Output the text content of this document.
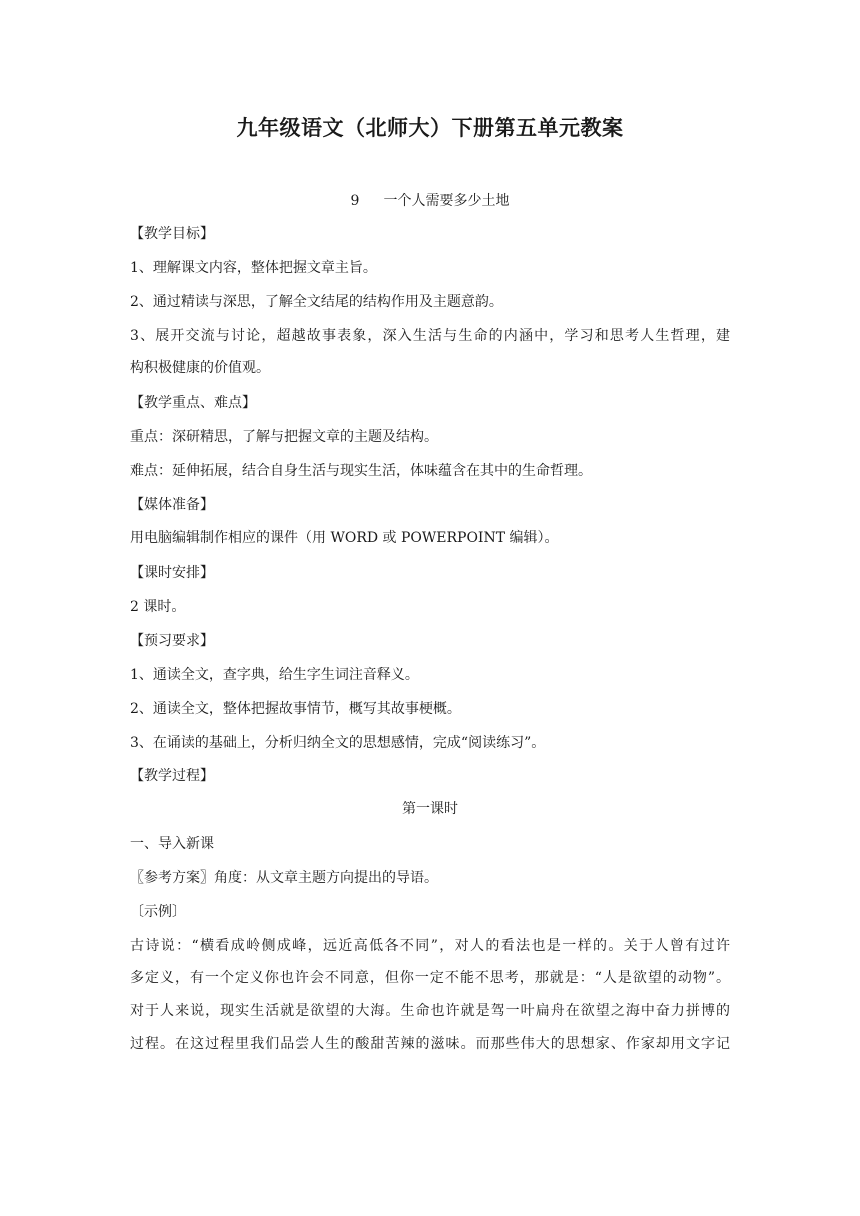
九年级语文（北师大）下册第五单元教案

9 一个人需要多少土地

【教学目标】

1、理解课文内容，整体把握文章主旨。

2、通过精读与深思，了解全文结尾的结构作用及主题意韵。

3、展开交流与讨论，超越故事表象，深入生活与生命的内涵中，学习和思考人生哲理，建

构积极健康的价值观。

【教学重点、难点】

重点：深研精思，了解与把握文章的主题及结构。

难点：延伸拓展，结合自身生活与现实生活，体味蕴含在其中的生命哲理。

【媒体准备】

用电脑编辑制作相应的课件（用 WORD 或 POWERPOINT 编辑）。

【课时安排】

2 课时。

【预习要求】

1、通读全文，查字典，给生字生词注音释义。

2、通读全文，整体把握故事情节，概写其故事梗概。

3、在诵读的基础上，分析归纳全文的思想感情，完成“阅读练习”。

【教学过程】

第一课时

一、导入新课

〖参考方案〗角度：从文章主题方向提出的导语。

〔示例〕

古诗说：“横看成岭侧成峰，远近高低各不同”，对人的看法也是一样的。关于人曾有过许

多定义，有一个定义你也许会不同意，但你一定不能不思考，那就是：“人是欲望的动物”。

对于人来说，现实生活就是欲望的大海。生命也许就是驾一叶扁舟在欲望之海中奋力拼博的

过程。在这过程里我们品尝人生的酸甜苦辣的滋味。而那些伟大的思想家、作家却用文字记
